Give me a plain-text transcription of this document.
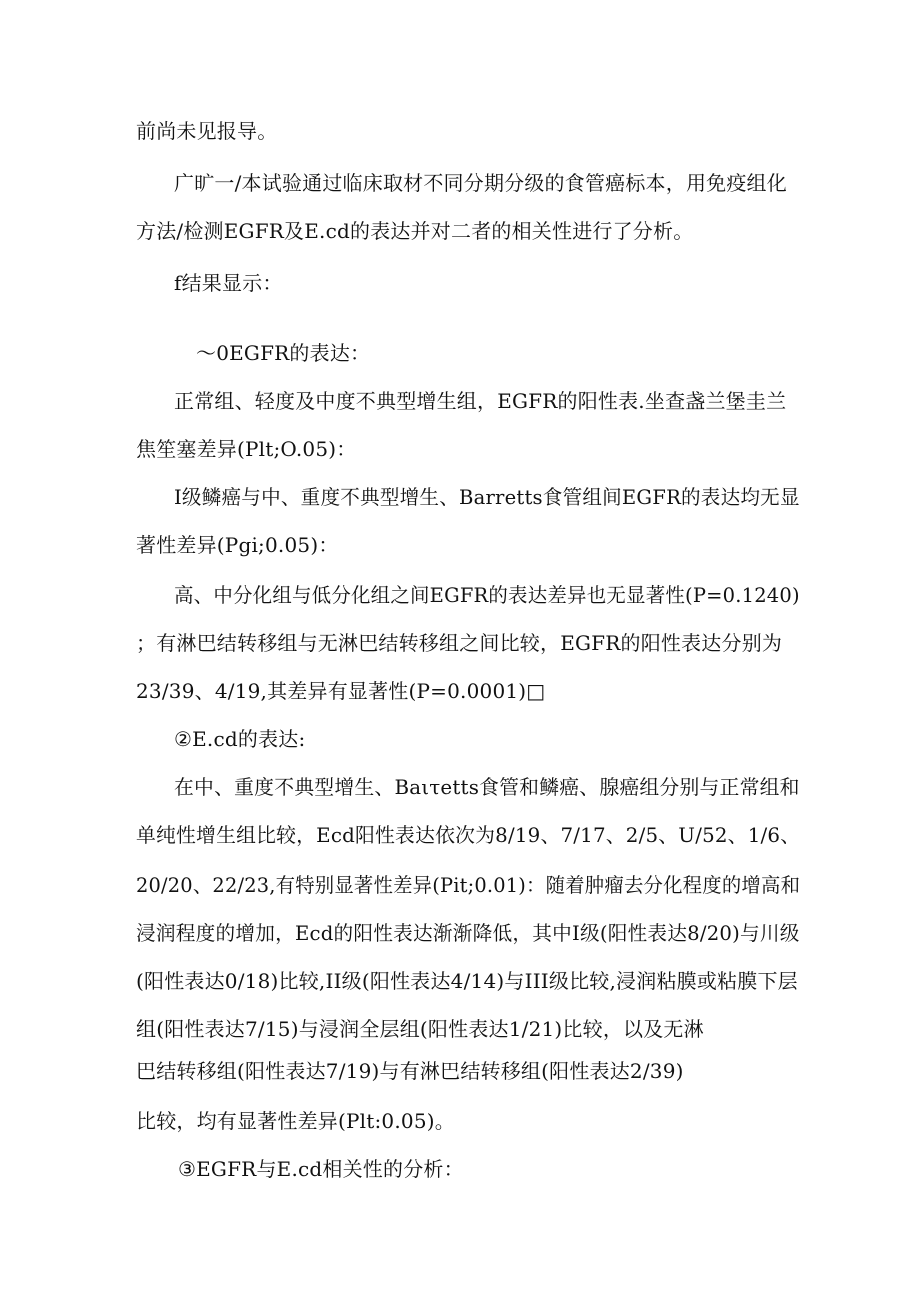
前尚未见报导。
广旷一/本试验通过临床取材不同分期分级的食管癌标本，用免疫组化
方法/检测EGFR及E.cd的表达并对二者的相关性进行了分析。
f结果显示：
～0EGFR的表达：
正常组、轻度及中度不典型增生组，EGFR的阳性表.坐查盏兰堡圭兰
焦笙塞差异(Plt;O.05)：
I级鳞癌与中、重度不典型增生、Barretts食管组间EGFR的表达均无显
著性差异(Pgi;0.05)：
高、中分化组与低分化组之间EGFR的表达差异也无显著性(P=0.1240)
；有淋巴结转移组与无淋巴结转移组之间比较，EGFR的阳性表达分别为
23/39、4/19,其差异有显著性(P=0.0001)□
②E.cd的表达:
在中、重度不典型增生、Baιτetts食管和鳞癌、腺癌组分别与正常组和
单纯性增生组比较，Ecd阳性表达依次为8/19、7/17、2/5、U/52、1/6、
20/20、22/23,有特别显著性差异(Pit;0.01)：随着肿瘤去分化程度的增高和
浸润程度的增加，Ecd的阳性表达渐渐降低，其中I级(阳性表达8/20)与川级
(阳性表达0/18)比较,II级(阳性表达4/14)与III级比较,浸润粘膜或粘膜下层
组(阳性表达7/15)与浸润全层组(阳性表达1/21)比较，以及无淋
巴结转移组(阳性表达7/19)与有淋巴结转移组(阳性表达2/39)
比较，均有显著性差异(Plt:0.05)。
③EGFR与E.cd相关性的分析：
